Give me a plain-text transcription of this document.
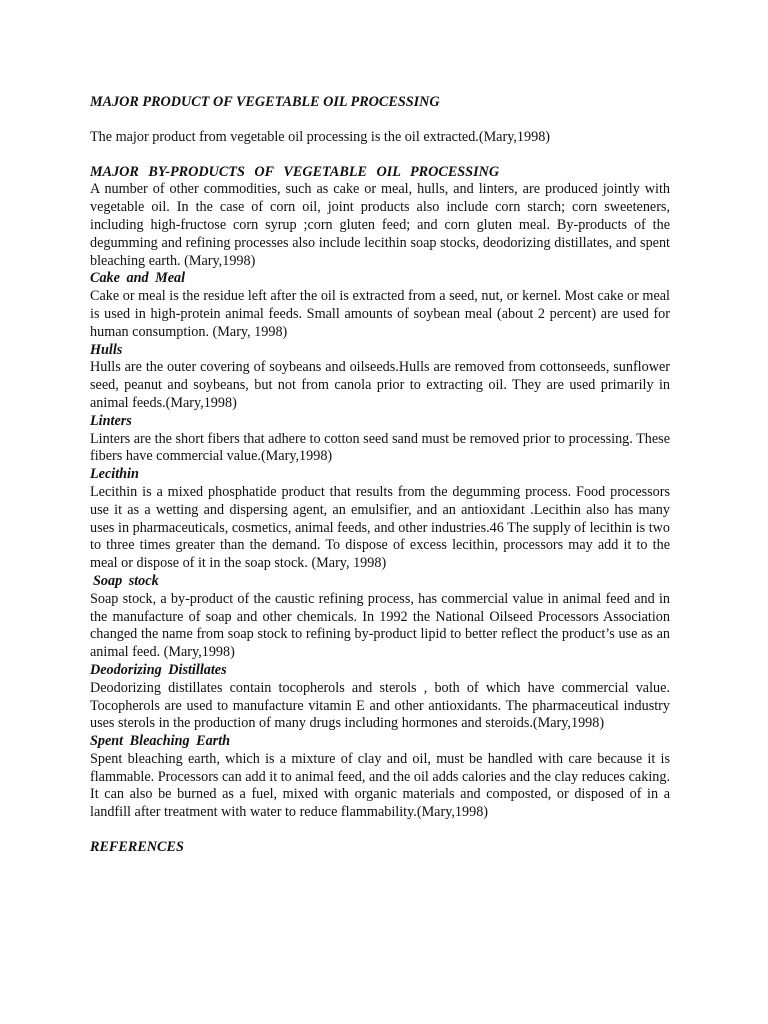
MAJOR PRODUCT OF VEGETABLE OIL PROCESSING

The major product from vegetable oil processing is the oil extracted.(Mary,1998)

MAJOR BY-PRODUCTS OF VEGETABLE OIL PROCESSING

A number of other commodities, such as cake or meal, hulls, and linters, are produced jointly with vegetable oil. In the case of corn oil, joint products also include corn starch; corn sweeteners, including high-fructose corn syrup ;corn gluten feed; and corn gluten meal. By-products of the degumming and refining processes also include lecithin soap stocks, deodorizing distillates, and spent bleaching earth. (Mary,1998)

Cake and Meal

Cake or meal is the residue left after the oil is extracted from a seed, nut, or kernel. Most cake or meal is used in high-protein animal feeds. Small amounts of soybean meal (about 2 percent) are used for human consumption. (Mary, 1998)

Hulls

Hulls are the outer covering of soybeans and oilseeds.Hulls are removed from cottonseeds, sunflower seed, peanut and soybeans, but not from canola prior to extracting oil. They are used primarily in animal feeds.(Mary,1998)

Linters

Linters are the short fibers that adhere to cotton seed sand must be removed prior to processing. These fibers have commercial value.(Mary,1998)

Lecithin

Lecithin is a mixed phosphatide product that results from the degumming process. Food processors use it as a wetting and dispersing agent, an emulsifier, and an antioxidant .Lecithin also has many uses in pharmaceuticals, cosmetics, animal feeds, and other industries.46 The supply of lecithin is two to three times greater than the demand. To dispose of excess lecithin, processors may add it to the meal or dispose of it in the soap stock. (Mary, 1998)

Soap stock

Soap stock, a by-product of the caustic refining process, has commercial value in animal feed and in the manufacture of soap and other chemicals. In 1992 the National Oilseed Processors Association changed the name from soap stock to refining by-product lipid to better reflect the product’s use as an animal feed. (Mary,1998)

Deodorizing Distillates

Deodorizing distillates contain tocopherols and sterols , both of which have commercial value. Tocopherols are used to manufacture vitamin E and other antioxidants. The pharmaceutical industry uses sterols in the production of many drugs including hormones and steroids.(Mary,1998)

Spent Bleaching Earth

Spent bleaching earth, which is a mixture of clay and oil, must be handled with care because it is flammable. Processors can add it to animal feed, and the oil adds calories and the clay reduces caking. It can also be burned as a fuel, mixed with organic materials and composted, or disposed of in a landfill after treatment with water to reduce flammability.(Mary,1998)

REFERENCES
